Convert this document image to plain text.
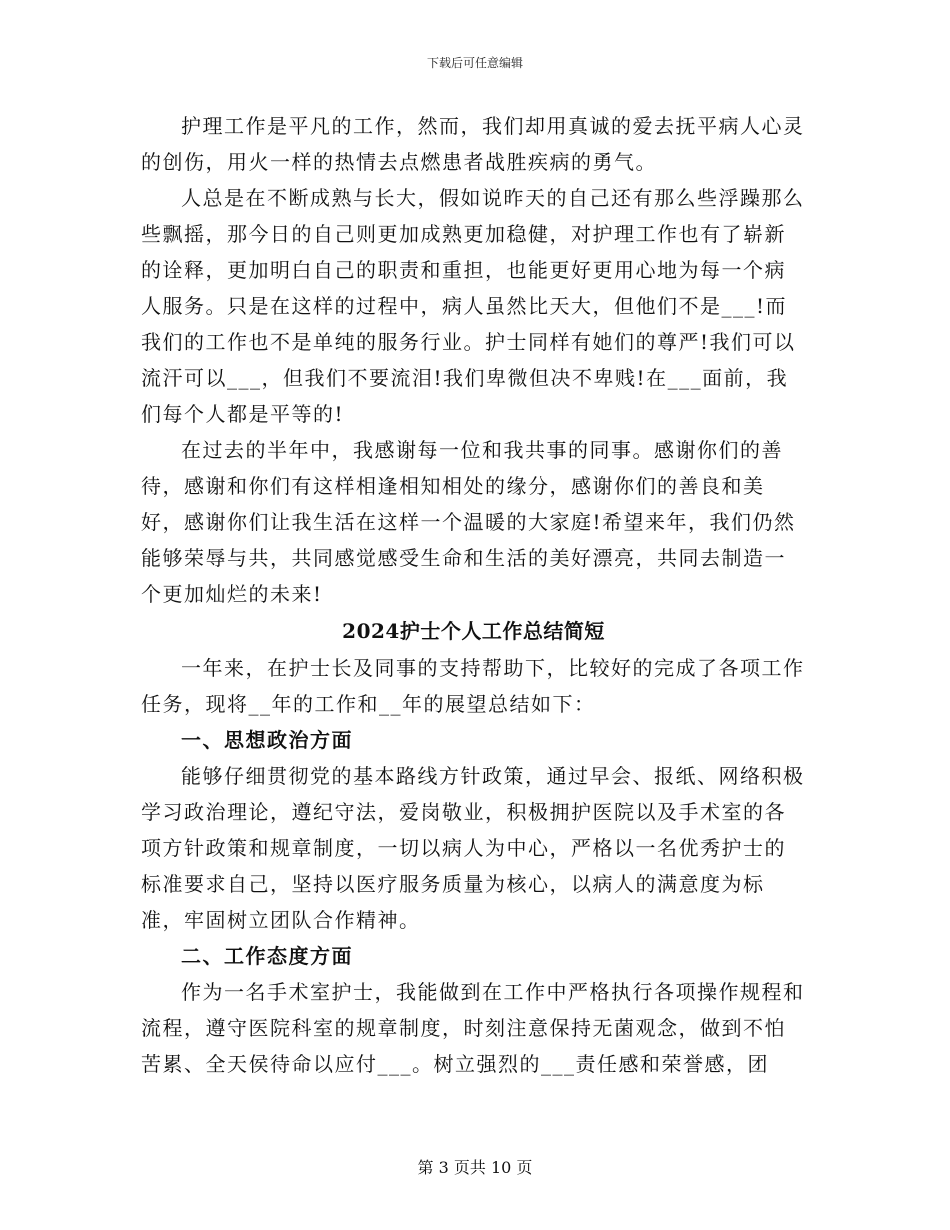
下载后可任意编辑

护理工作是平凡的工作，然而，我们却用真诚的爱去抚平病人心灵的创伤，用火一样的热情去点燃患者战胜疾病的勇气。

人总是在不断成熟与长大，假如说昨天的自己还有那么些浮躁那么些飘摇，那今日的自己则更加成熟更加稳健，对护理工作也有了崭新的诠释，更加明白自己的职责和重担，也能更好更用心地为每一个病人服务。只是在这样的过程中，病人虽然比天大，但他们不是___!而我们的工作也不是单纯的服务行业。护士同样有她们的尊严!我们可以流汗可以___，但我们不要流泪!我们卑微但决不卑贱!在___面前，我们每个人都是平等的!

在过去的半年中，我感谢每一位和我共事的同事。感谢你们的善待，感谢和你们有这样相逢相知相处的缘分，感谢你们的善良和美好，感谢你们让我生活在这样一个温暖的大家庭!希望来年，我们仍然能够荣辱与共，共同感觉感受生命和生活的美好漂亮，共同去制造一个更加灿烂的未来!

2024护士个人工作总结简短

一年来，在护士长及同事的支持帮助下，比较好的完成了各项工作任务，现将__年的工作和__年的展望总结如下：

一、思想政治方面

能够仔细贯彻党的基本路线方针政策，通过早会、报纸、网络积极学习政治理论，遵纪守法，爱岗敬业，积极拥护医院以及手术室的各项方针政策和规章制度，一切以病人为中心，严格以一名优秀护士的标准要求自己，坚持以医疗服务质量为核心，以病人的满意度为标准，牢固树立团队合作精神。

二、工作态度方面

作为一名手术室护士，我能做到在工作中严格执行各项操作规程和流程，遵守医院科室的规章制度，时刻注意保持无菌观念，做到不怕苦累、全天侯待命以应付___。树立强烈的___责任感和荣誉感，团

第 3 页共 10 页
